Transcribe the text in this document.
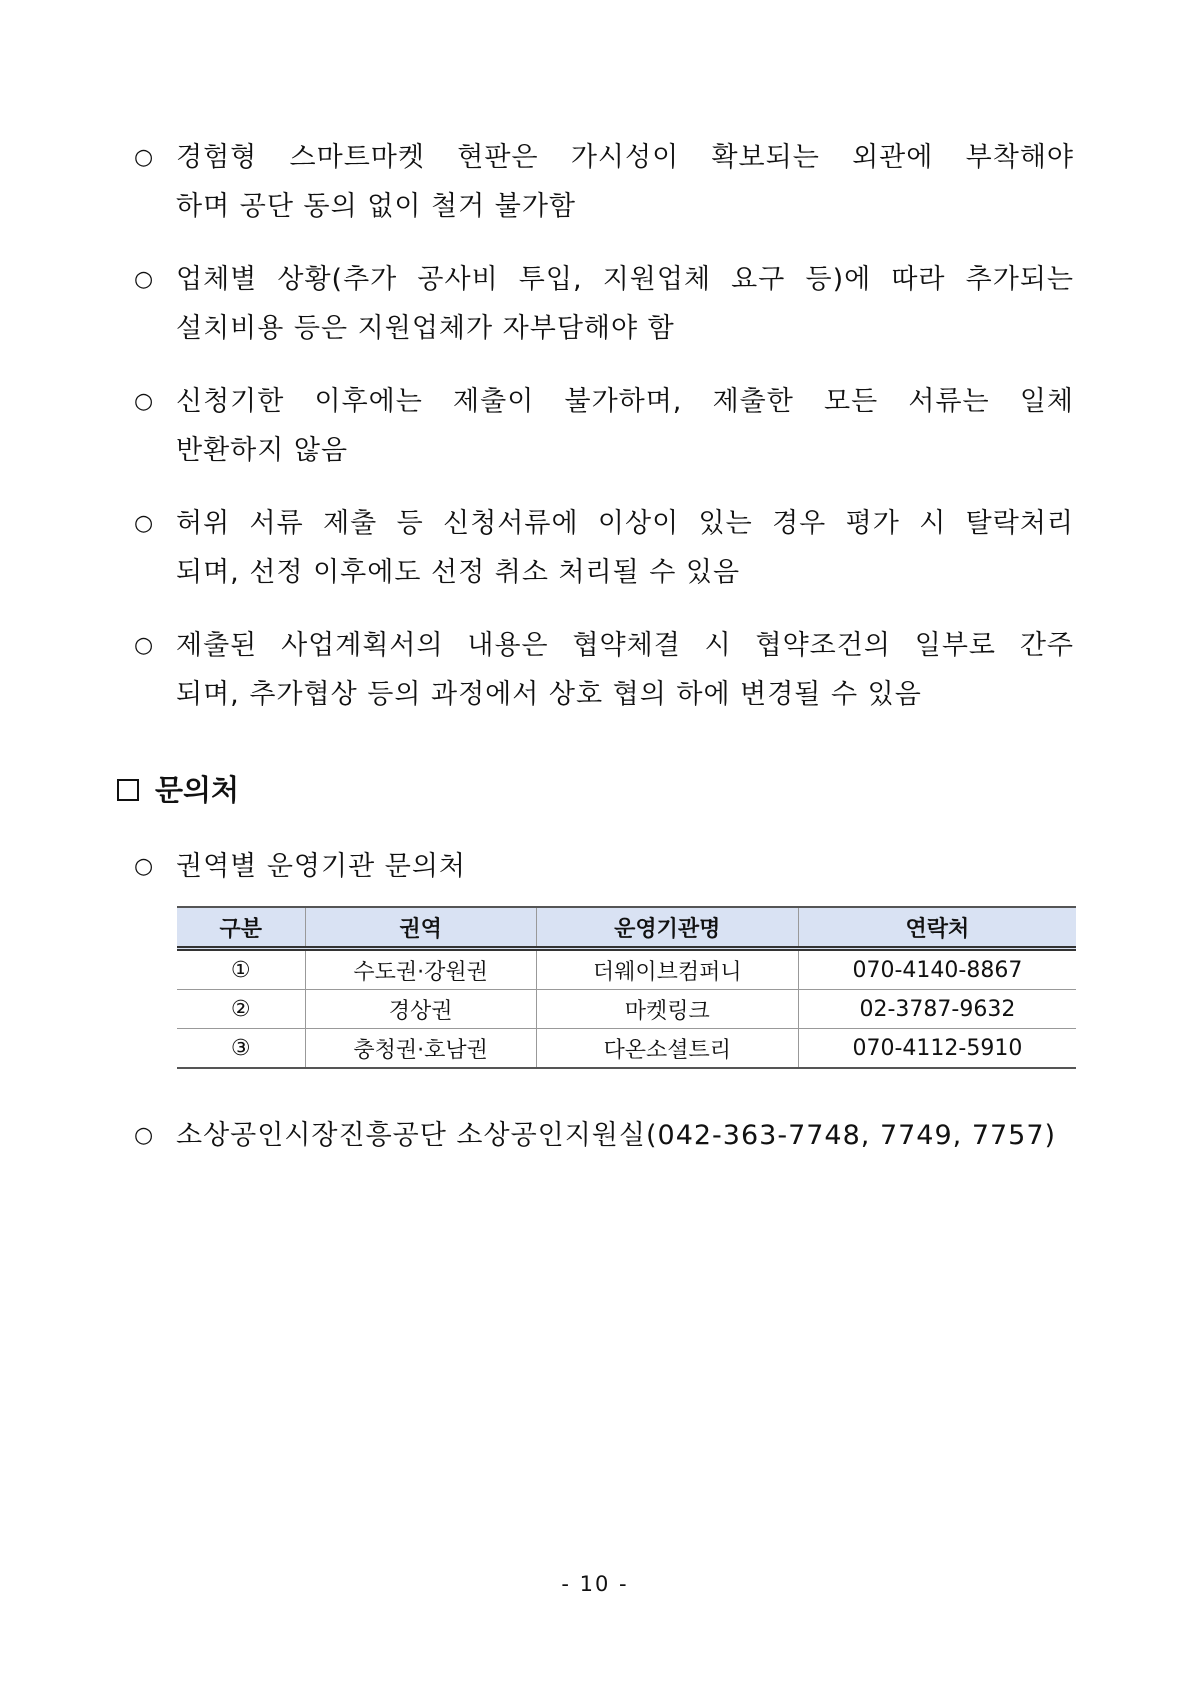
○ 경험형 스마트마켓 현판은 가시성이 확보되는 외관에 부착해야
하며 공단 동의 없이 철거 불가함
○ 업체별 상황(추가 공사비 투입, 지원업체 요구 등)에 따라 추가되는
설치비용 등은 지원업체가 자부담해야 함
○ 신청기한 이후에는 제출이 불가하며, 제출한 모든 서류는 일체
반환하지 않음
○ 허위 서류 제출 등 신청서류에 이상이 있는 경우 평가 시 탈락처리
되며, 선정 이후에도 선정 취소 처리될 수 있음
○ 제출된 사업계획서의 내용은 협약체결 시 협약조건의 일부로 간주
되며, 추가협상 등의 과정에서 상호 협의 하에 변경될 수 있음
문의처
○ 권역별 운영기관 문의처
구분	권역	운영기관명	연락처
①	수도권·강원권	더웨이브컴퍼니	070-4140-8867
②	경상권	마켓링크	02-3787-9632
③	충청권·호남권	다온소셜트리	070-4112-5910
○ 소상공인시장진흥공단 소상공인지원실(042-363-7748, 7749, 7757)
- 10 -
